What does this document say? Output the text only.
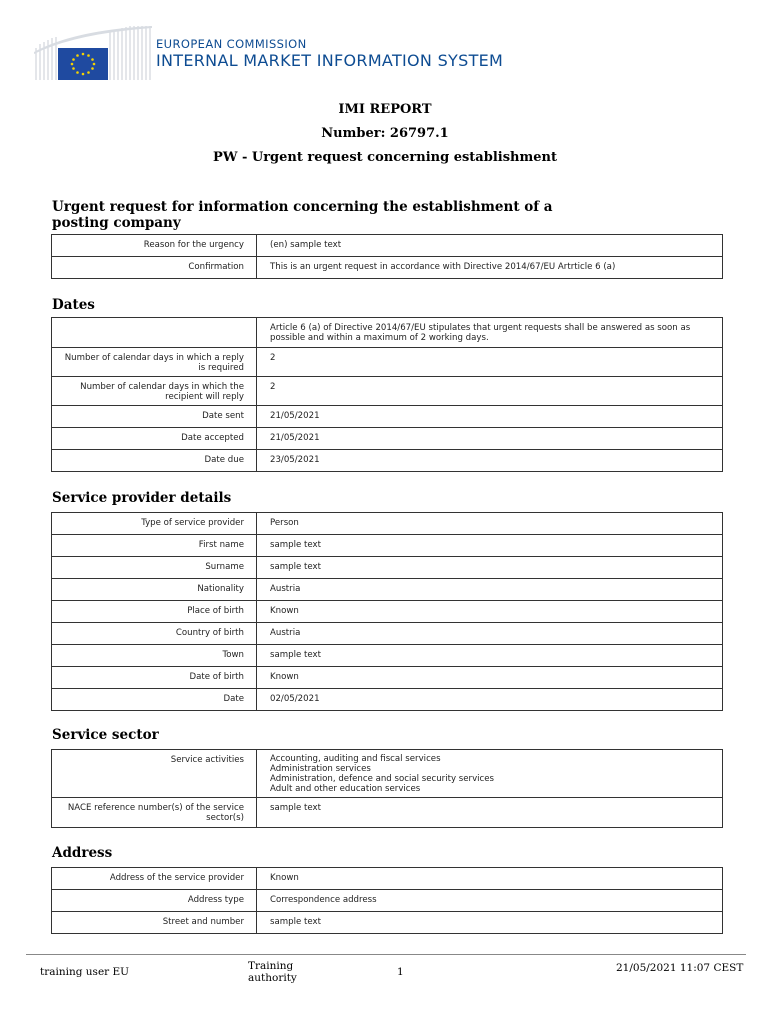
EUROPEAN COMMISSION
INTERNAL MARKET INFORMATION SYSTEM
IMI REPORT
Number: 26797.1
PW - Urgent request concerning establishment
Urgent request for information concerning the establishment of a posting company
Reason for the urgency	(en) sample text
Confirmation	This is an urgent request in accordance with Directive 2014/67/EU Artrticle 6 (a)
Dates
	Article 6 (a) of Directive 2014/67/EU stipulates that urgent requests shall be answered as soon as possible and within a maximum of 2 working days.
Number of calendar days in which a reply is required	2
Number of calendar days in which the recipient will reply	2
Date sent	21/05/2021
Date accepted	21/05/2021
Date due	23/05/2021
Service provider details
Type of service provider	Person
First name	sample text
Surname	sample text
Nationality	Austria
Place of birth	Known
Country of birth	Austria
Town	sample text
Date of birth	Known
Date	02/05/2021
Service sector
Service activities	Accounting, auditing and fiscal services
Administration services
Administration, defence and social security services
Adult and other education services

NACE reference number(s) of the service sector(s)	sample text
Address
Address of the service provider	Known
Address type	Correspondence address
Street and number	sample text
training user EU	Training authority	1	21/05/2021 11:07 CEST
